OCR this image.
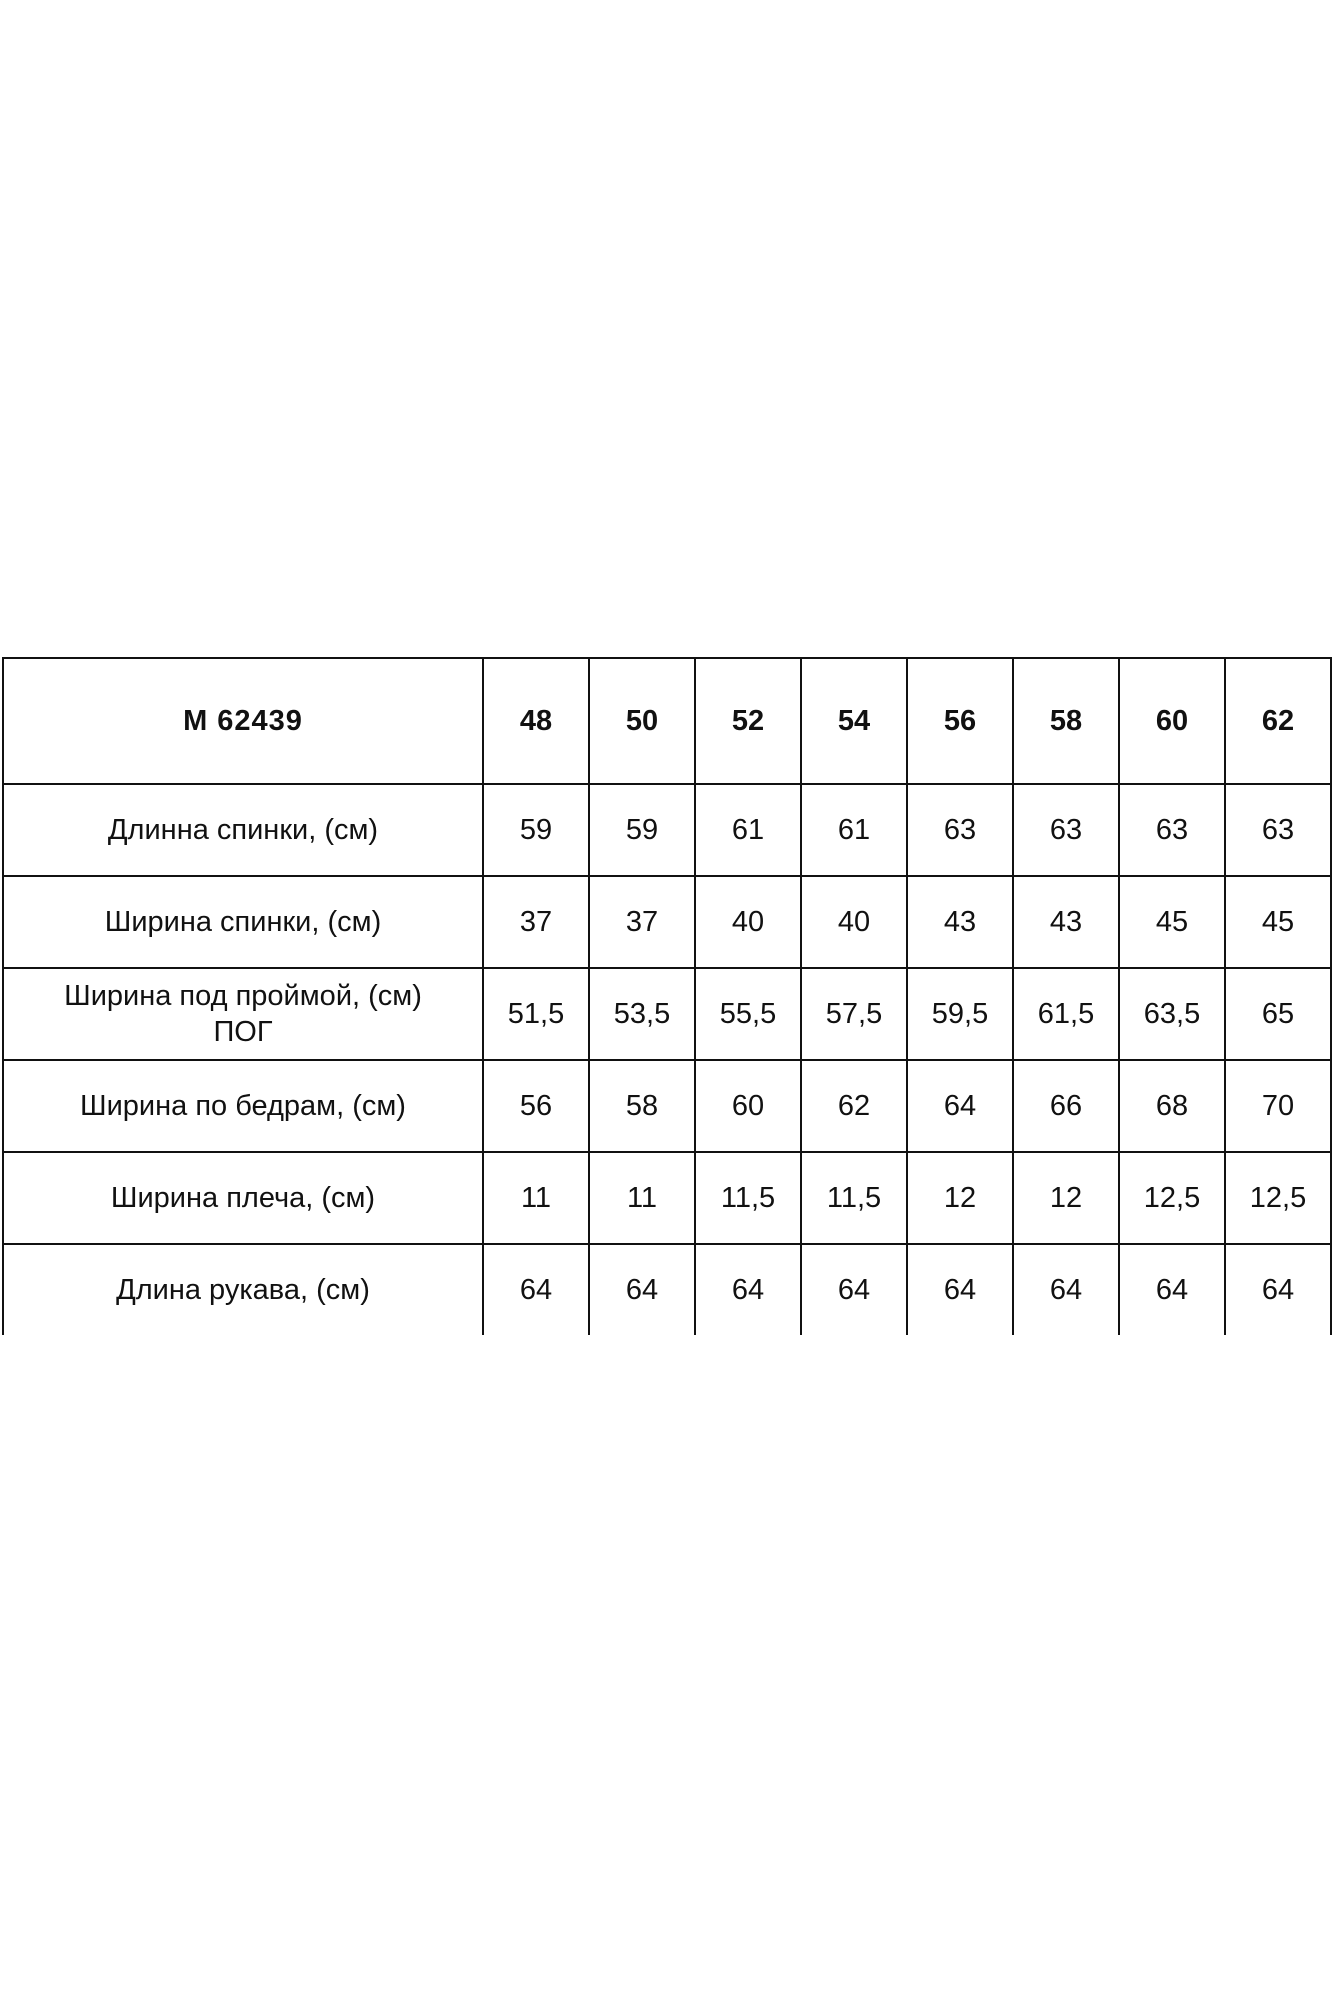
М 62439	48	50	52	54	56	58	60	62
Длинна спинки, (см)	59	59	61	61	63	63	63	63
Ширина спинки, (см)	37	37	40	40	43	43	45	45
Ширина под проймой, (см)
ПОГ	51,5	53,5	55,5	57,5	59,5	61,5	63,5	65
Ширина по бедрам, (см)	56	58	60	62	64	66	68	70
Ширина плеча, (см)	11	11	11,5	11,5	12	12	12,5	12,5
Длина рукава, (см)	64	64	64	64	64	64	64	64
